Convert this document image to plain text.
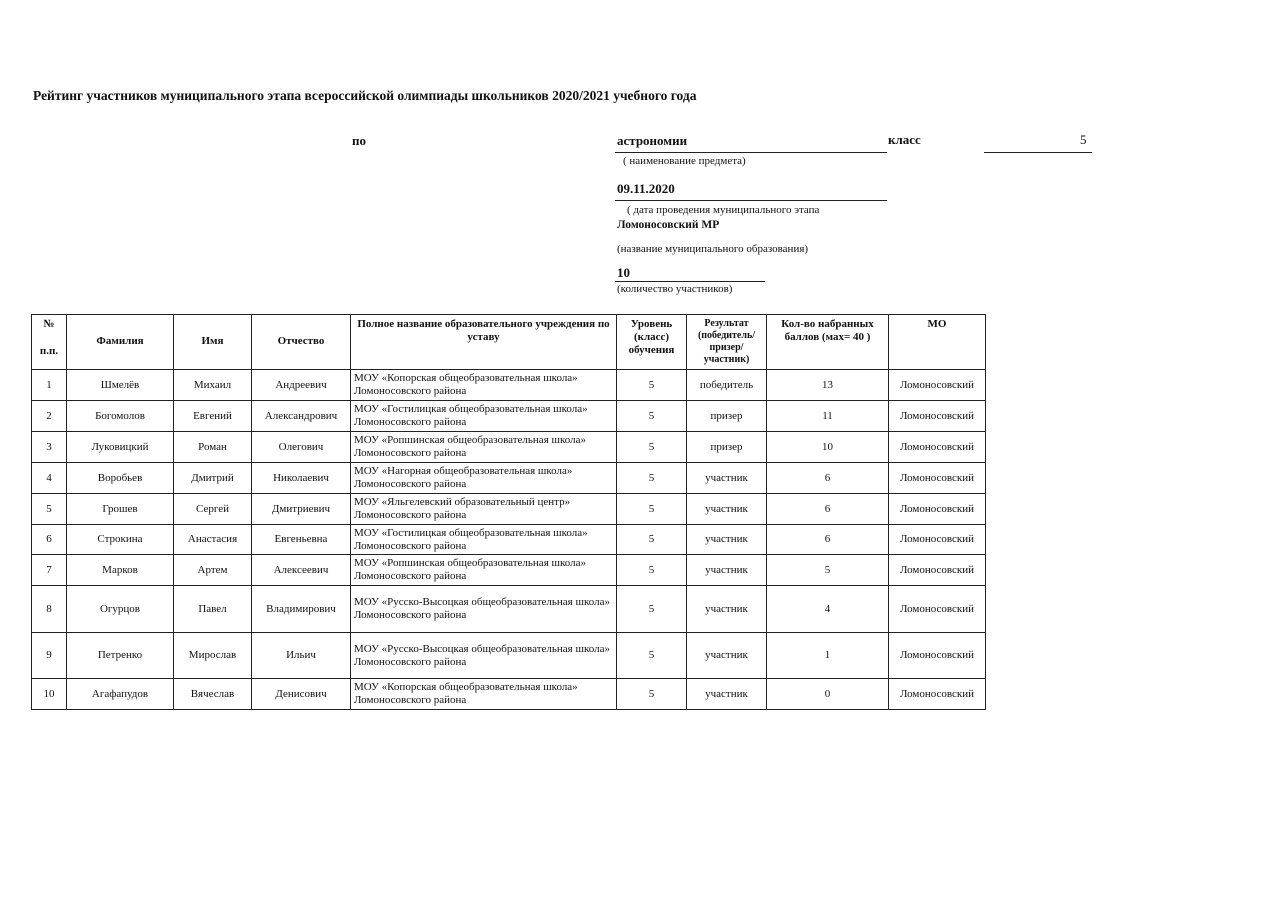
Рейтинг участников муниципального этапа всероссийской олимпиады школьников 2020/2021 учебного года
по	астрономии	класс	5
( наименование предмета)
09.11.2020
( дата проведения муниципального этапа
Ломоносовский МР
(название муниципального образования)
10
(количество участников)
№
п.п.	Фамилия	Имя	Отчество	Полное название образовательного учреждения по уставу	Уровень (класс) обучения	Результат (победитель/призер/участник)	Кол-во набранных баллов (мах= 40 )	МО
1	Шмелёв	Михаил	Андреевич	МОУ «Копорская общеобразовательная школа» Ломоносовского района	5	победитель	13	Ломоносовский
2	Богомолов	Евгений	Александрович	МОУ «Гостилицкая общеобразовательная школа» Ломоносовского района	5	призер	11	Ломоносовский
3	Луковицкий	Роман	Олегович	МОУ «Ропшинская общеобразовательная школа» Ломоносовского района	5	призер	10	Ломоносовский
4	Воробьев	Дмитрий	Николаевич	МОУ «Нагорная общеобразовательная школа» Ломоносовского района	5	участник	6	Ломоносовский
5	Грошев	Сергей	Дмитриевич	МОУ «Яльгелевский образовательный центр» Ломоносовского района	5	участник	6	Ломоносовский
6	Строкина	Анастасия	Евгеньевна	МОУ «Гостилицкая общеобразовательная школа» Ломоносовского района	5	участник	6	Ломоносовский
7	Марков	Артем	Алексеевич	МОУ «Ропшинская общеобразовательная школа» Ломоносовского района	5	участник	5	Ломоносовский
8	Огурцов	Павел	Владимирович	МОУ «Русско-Высоцкая общеобразовательная школа» Ломоносовского района	5	участник	4	Ломоносовский
9	Петренко	Мирослав	Ильич	МОУ «Русско-Высоцкая общеобразовательная школа» Ломоносовского района	5	участник	1	Ломоносовский
10	Агафапудов	Вячеслав	Денисович	МОУ «Копорская общеобразовательная школа» Ломоносовского района	5	участник	0	Ломоносовский
